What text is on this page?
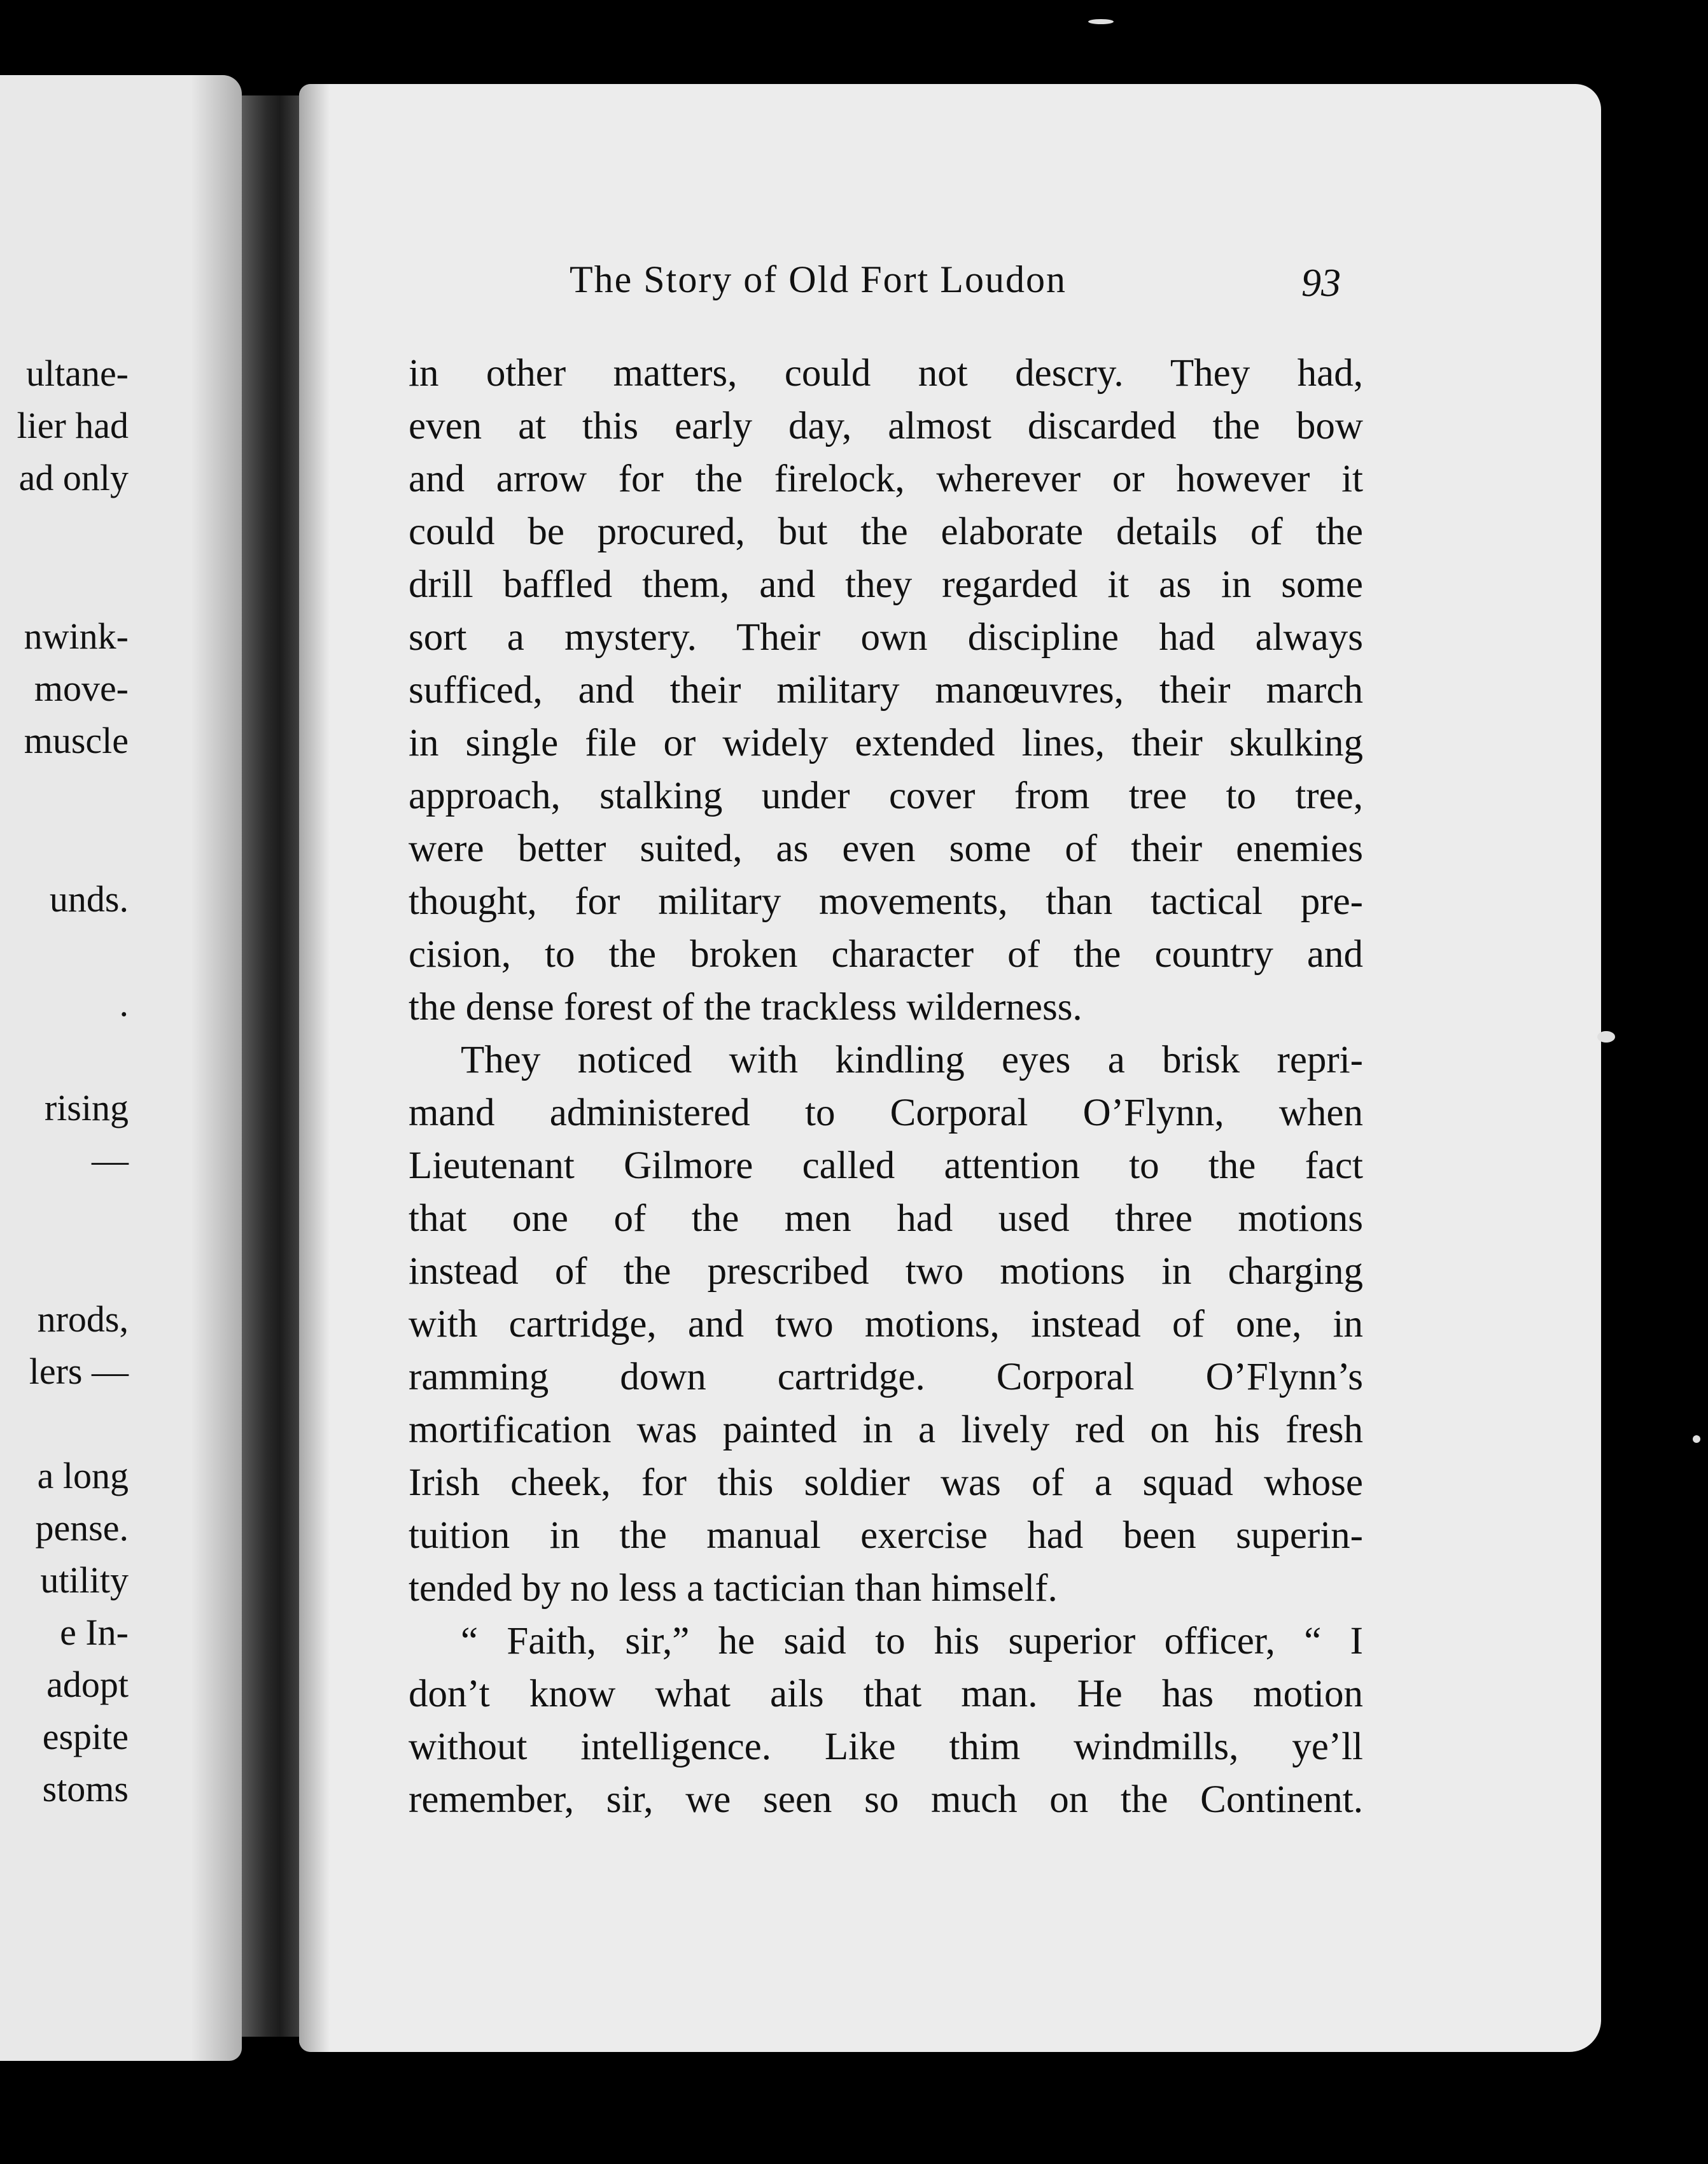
ultane-
lier had
ad only
nwink-
move-
muscle
unds.
.
rising
—
nrods,
lers —
a long
pense.
utility
e In-
adopt
espite
stoms
The Story of Old Fort Loudon	93
in other matters, could not descry. They had,
even at this early day, almost discarded the bow
and arrow for the firelock, wherever or however it
could be procured, but the elaborate details of the
drill baffled them, and they regarded it as in some
sort a mystery. Their own discipline had always
sufficed, and their military manœuvres, their march
in single file or widely extended lines, their skulking
approach, stalking under cover from tree to tree,
were better suited, as even some of their enemies
thought, for military movements, than tactical pre-
cision, to the broken character of the country and
the dense forest of the trackless wilderness.
They noticed with kindling eyes a brisk repri-
mand administered to Corporal O’Flynn, when
Lieutenant Gilmore called attention to the fact
that one of the men had used three motions
instead of the prescribed two motions in charging
with cartridge, and two motions, instead of one, in
ramming down cartridge. Corporal O’Flynn’s
mortification was painted in a lively red on his fresh
Irish cheek, for this soldier was of a squad whose
tuition in the manual exercise had been superin-
tended by no less a tactician than himself.
“ Faith, sir,” he said to his superior officer, “ I
don’t know what ails that man. He has motion
without intelligence. Like thim windmills, ye’ll
remember, sir, we seen so much on the Continent.
